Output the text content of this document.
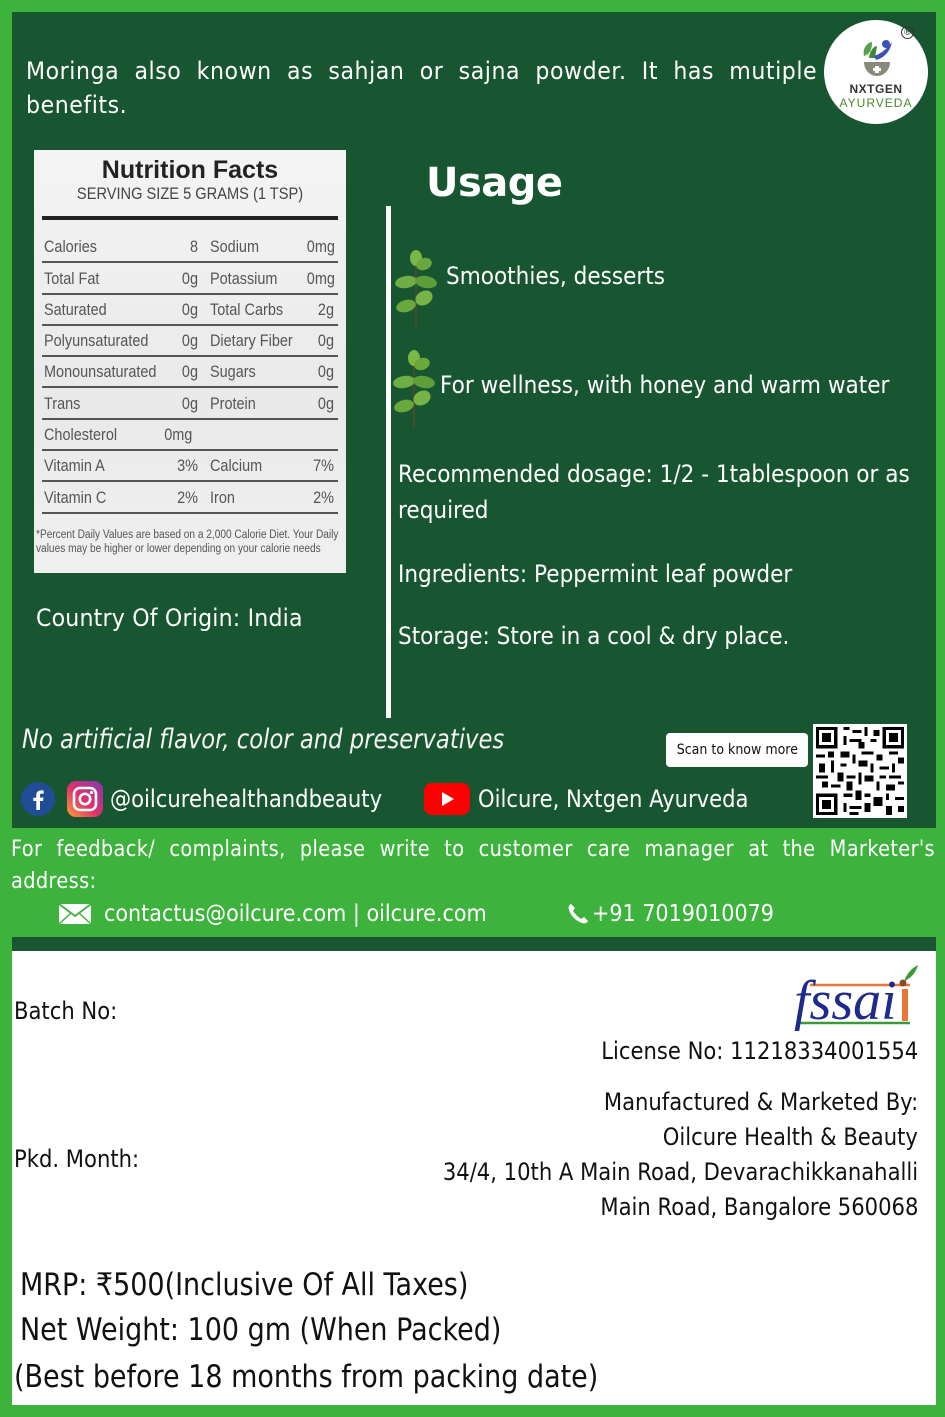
Moringa also known as sahjan or sajna powder. It has mutiple benefits.
®
NXTGEN
AYURVEDA
Nutrition Facts
SERVING SIZE 5 GRAMS (1 TSP)
Calories	8 Sodium	0mg
Total Fat	0g Potassium	0mg
Saturated	0g Total Carbs	2g
Polyunsaturated	0g Dietary Fiber	0g
Monounsaturated	0g Sugars	0g
Trans	0g Protein	0g
Cholesterol	0mg
Vitamin A	3% Calcium	7%
Vitamin C	2% Iron	2%
*Percent Daily Values are based on a 2,000 Calorie Diet. Your Daily values may be higher or lower depending on your calorie needs
Country Of Origin: India
Usage
Smoothies, desserts
For wellness, with honey and warm water
Recommended dosage: 1/2 - 1tablespoon or as required
Ingredients: Peppermint leaf powder
Storage: Store in a cool & dry place.
No artificial flavor, color and preservatives
@oilcurehealthandbeauty	Oilcure, Nxtgen Ayurveda
Scan to know more
For feedback/ complaints, please write to customer care manager at the Marketer's address:
contactus@oilcure.com | oilcure.com	+91 7019010079
Batch No:	fssai
License No: 11218334001554
Manufactured & Marketed By:
Oilcure Health & Beauty
34/4, 10th A Main Road, Devarachikkanahalli
Main Road, Bangalore 560068
Pkd. Month:
MRP: ₹500(Inclusive Of All Taxes)
Net Weight: 100 gm (When Packed)
(Best before 18 months from packing date)
